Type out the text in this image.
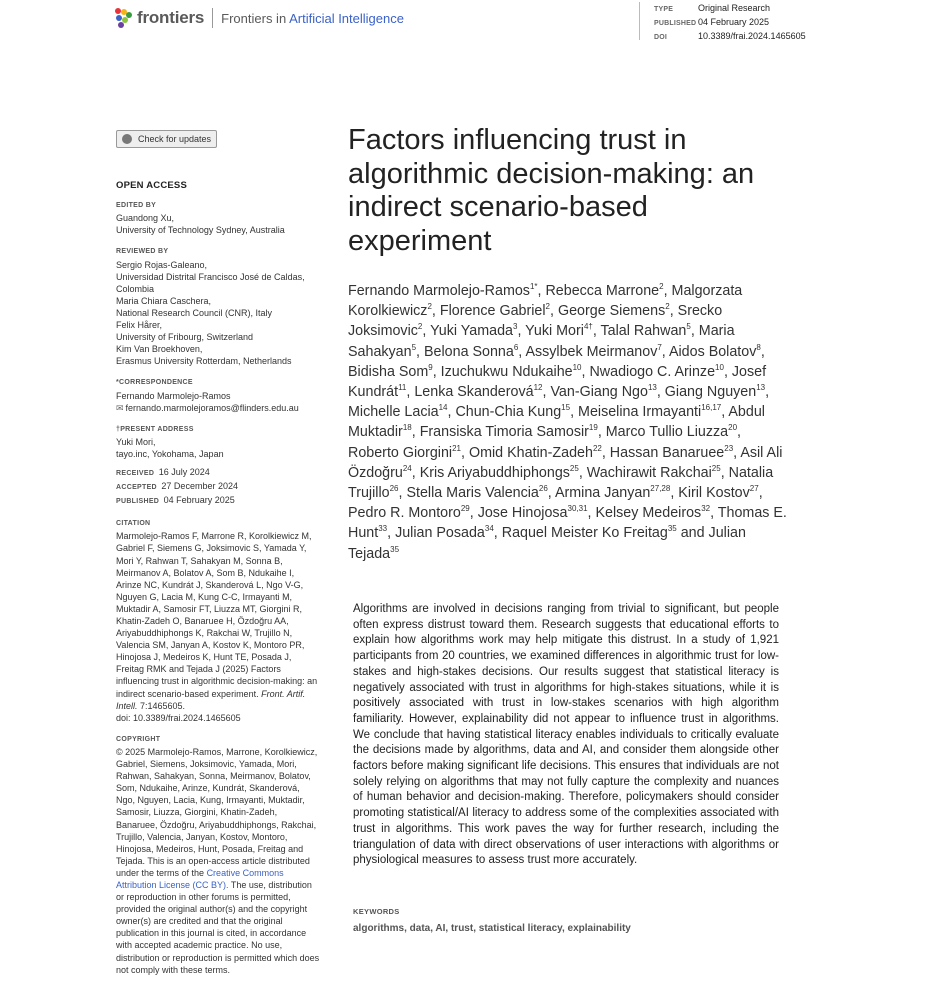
frontiers Frontiers in Artificial Intelligence
TYPE	Original Research
PUBLISHED 04 February 2025
DOI	10.3389/frai.2024.1465605
Check for updates
OPEN ACCESS
EDITED BY
Guandong Xu,
University of Technology Sydney, Australia
REVIEWED BY
Sergio Rojas-Galeano,
Universidad Distrital Francisco José de Caldas, Colombia
Maria Chiara Caschera,
National Research Council (CNR), Italy
Felix Hårer,
University of Fribourg, Switzerland
Kim Van Broekhoven,
Erasmus University Rotterdam, Netherlands
*CORRESPONDENCE
Fernando Marmolejo-Ramos
✉ fernando.marmolejoramos@flinders.edu.au
†PRESENT ADDRESS
Yuki Mori,
tayo.inc, Yokohama, Japan
RECEIVED 16 July 2024
ACCEPTED 27 December 2024
PUBLISHED 04 February 2025
CITATION
Marmolejo-Ramos F, Marrone R, Korolkiewicz M, Gabriel F, Siemens G, Joksimovic S, Yamada Y, Mori Y, Rahwan T, Sahakyan M, Sonna B, Meirmanov A, Bolatov A, Som B, Ndukaihe I, Arinze NC, Kundrát J, Skanderová L, Ngo V-G, Nguyen G, Lacia M, Kung C-C, Irmayanti M, Muktadir A, Samosir FT, Liuzza MT, Giorgini R, Khatin-Zadeh O, Banaruee H, Özdoğru AA, Ariyabuddhiphongs K, Rakchai W, Trujillo N, Valencia SM, Janyan A, Kostov K, Montoro PR, Hinojosa J, Medeiros K, Hunt TE, Posada J, Freitag RMK and Tejada J (2025) Factors influencing trust in algorithmic decision-making: an indirect scenario-based experiment. Front. Artif. Intell. 7:1465605.
doi: 10.3389/frai.2024.1465605
COPYRIGHT
© 2025 Marmolejo-Ramos, Marrone, Korolkiewicz, Gabriel, Siemens, Joksimovic, Yamada, Mori, Rahwan, Sahakyan, Sonna, Meirmanov, Bolatov, Som, Ndukaihe, Arinze, Kundrát, Skanderová, Ngo, Nguyen, Lacia, Kung, Irmayanti, Muktadir, Samosir, Liuzza, Giorgini, Khatin-Zadeh, Banaruee, Özdoğru, Ariyabuddhiphongs, Rakchai, Trujillo, Valencia, Janyan, Kostov, Montoro, Hinojosa, Medeiros, Hunt, Posada, Freitag and Tejada. This is an open-access article distributed under the terms of the Creative Commons Attribution License (CC BY). The use, distribution or reproduction in other forums is permitted, provided the original author(s) and the copyright owner(s) are credited and that the original publication in this journal is cited, in accordance with accepted academic practice. No use, distribution or reproduction is permitted which does not comply with these terms.
Factors influencing trust in algorithmic decision-making: an indirect scenario-based experiment
Fernando Marmolejo-Ramos$^{1*}$, Rebecca Marrone$^2$, Malgorzata Korolkiewicz$^2$, Florence Gabriel$^2$, George Siemens$^2$, Srecko Joksimovic$^2$, Yuki Yamada$^3$, Yuki Mori$^{4\dagger}$, Talal Rahwan$^5$, Maria Sahakyan$^5$, Belona Sonna$^6$, Assylbek Meirmanov$^7$, Aidos Bolatov$^8$, Bidisha Som$^9$, Izuchukwu Ndukaihe$^{10}$, Nwadiogo C. Arinze$^{10}$, Josef Kundrát$^{11}$, Lenka Skanderová$^{12}$, Van-Giang Ngo$^{13}$, Giang Nguyen$^{13}$, Michelle Lacia$^{14}$, Chun-Chia Kung$^{15}$, Meiselina Irmayanti$^{16,17}$, Abdul Muktadir$^{18}$, Fransiska Timoria Samosir$^{19}$, Marco Tullio Liuzza$^{20}$, Roberto Giorgini$^{21}$, Omid Khatin-Zadeh$^{22}$, Hassan Banaruee$^{23}$, Asil Ali Özdoğru$^{24}$, Kris Ariyabuddhiphongs$^{25}$, Wachirawit Rakchai$^{25}$, Natalia Trujillo$^{26}$, Stella Maris Valencia$^{26}$, Armina Janyan$^{27,28}$, Kiril Kostov$^{27}$, Pedro R. Montoro$^{29}$, Jose Hinojosa$^{30,31}$, Kelsey Medeiros$^{32}$, Thomas E. Hunt$^{33}$, Julian Posada$^{34}$, Raquel Meister Ko Freitag$^{35}$ and Julian Tejada$^{35}$

Algorithms are involved in decisions ranging from trivial to significant, but people often express distrust toward them. Research suggests that educational efforts to explain how algorithms work may help mitigate this distrust. In a study of 1,921 participants from 20 countries, we examined differences in algorithmic trust for low-stakes and high-stakes decisions. Our results suggest that statistical literacy is negatively associated with trust in algorithms for high-stakes situations, while it is positively associated with trust in low-stakes scenarios with high algorithm familiarity. However, explainability did not appear to influence trust in algorithms. We conclude that having statistical literacy enables individuals to critically evaluate the decisions made by algorithms, data and AI, and consider them alongside other factors before making significant life decisions. This ensures that individuals are not solely relying on algorithms that may not fully capture the complexity and nuances of human behavior and decision-making. Therefore, policymakers should consider promoting statistical/AI literacy to address some of the complexities associated with trust in algorithms. This work paves the way for further research, including the triangulation of data with direct observations of user interactions with algorithms or physiological measures to assess trust more accurately.

KEYWORDS
algorithms, data, AI, trust, statistical literacy, explainability
